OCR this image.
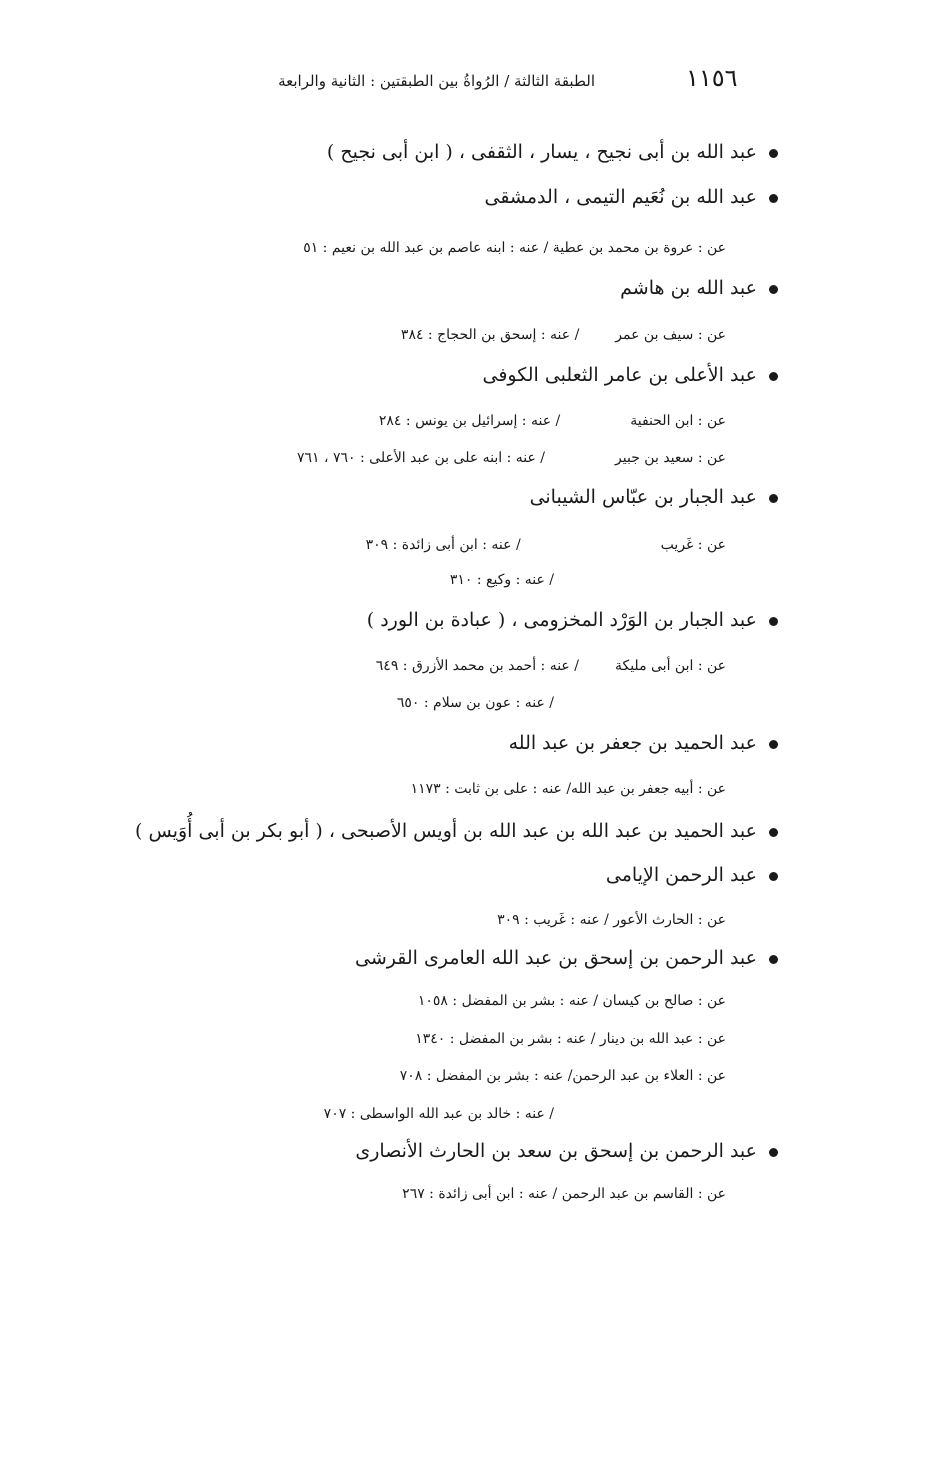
١١٥٦
الطبقة الثالثة / الرُواةُ بين الطبقتين : الثانية والرابعة
عبد الله بن أبى نجيح ، يسار ، الثقفى ، ( ابن أبى نجيح )
عبد الله بن نُعَيم التيمى ، الدمشقى
عن : عروة بن محمد بن عطية / عنه : ابنه عاصم بن عبد الله بن نعيم : ٥١
عبد الله بن هاشم
عن : سيف بن عمر/ عنه : إسحق بن الحجاج : ٣٨٤
عبد الأعلى بن عامر الثعلبى الكوفى
عن : ابن الحنفية/ عنه : إسرائيل بن يونس : ٢٨٤
عن : سعيد بن جبير/ عنه : ابنه على بن عبد الأعلى : ٧٦٠ ، ٧٦١
عبد الجبار بن عبّاس الشيبانى
عن : غَريب/ عنه : ابن أبى زائدة : ٣٠٩
/ عنه : وكيع : ٣١٠
عبد الجبار بن الوَرْد المخزومى ، ( عبادة بن الورد )
عن : ابن أبى مليكة/ عنه : أحمد بن محمد الأزرق : ٦٤٩
/ عنه : عون بن سلام : ٦٥٠
عبد الحميد بن جعفر بن عبد الله
عن : أبيه جعفر بن عبد الله/ عنه : على بن ثابت : ١١٧٣
عبد الحميد بن عبد الله بن عبد الله بن أويس الأصبحى ، ( أبو بكر بن أبى أُوَيس )
عبد الرحمن الإيامى
عن : الحارث الأعور / عنه : غَريب : ٣٠٩
عبد الرحمن بن إسحق بن عبد الله العامرى القرشى
عن : صالح بن كيسان / عنه : بشر بن المفضل : ١٠٥٨
عن : عبد الله بن دينار / عنه : بشر بن المفضل : ١٣٤٠
عن : العلاء بن عبد الرحمن/ عنه : بشر بن المفضل : ٧٠٨
/ عنه : خالد بن عبد الله الواسطى : ٧٠٧
عبد الرحمن بن إسحق بن سعد بن الحارث الأنصارى
عن : القاسم بن عبد الرحمن / عنه : ابن أبى زائدة : ٢٦٧
